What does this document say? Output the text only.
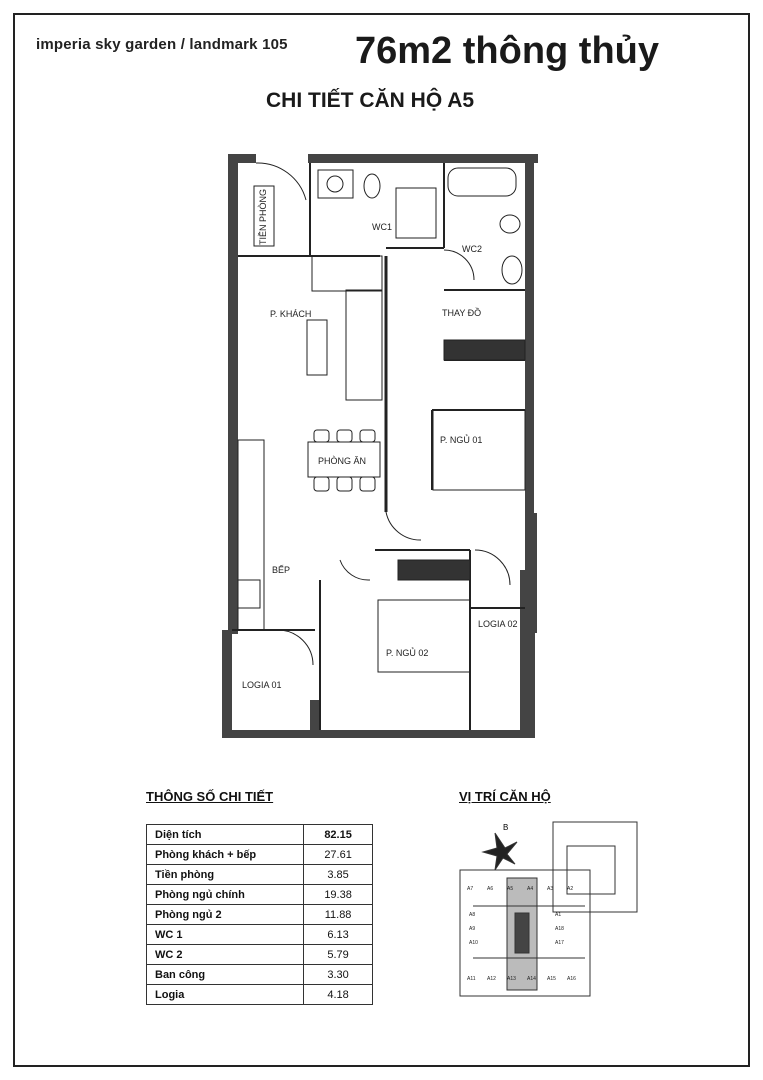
imperia sky garden / landmark 105 76m2 thông thủy
CHI TIẾT CĂN HỘ A5
TIỀN PHÒNG	WC1
WC2
P. KHÁCH	THAY ĐỒ
P. NGỦ 01
PHÒNG ĂN
BẾP
LOGIA 02
P. NGỦ 02
LOGIA 01
THÔNG SỐ CHI TIẾT	VỊ TRÍ CĂN HỘ
Diện tích	82.15
Phòng khách + bếp	27.61
Tiền phòng	3.85
Phòng ngủ chính	19.38
Phòng ngủ 2	11.88
WC 1	6.13
WC 2	5.79
Ban công	3.30
Logia	4.18
B
A7	A6	A5	A4	A3	A2
A8
A9
A10
A1
A18
A17
A11 A12 A13 A14 A15 A16
